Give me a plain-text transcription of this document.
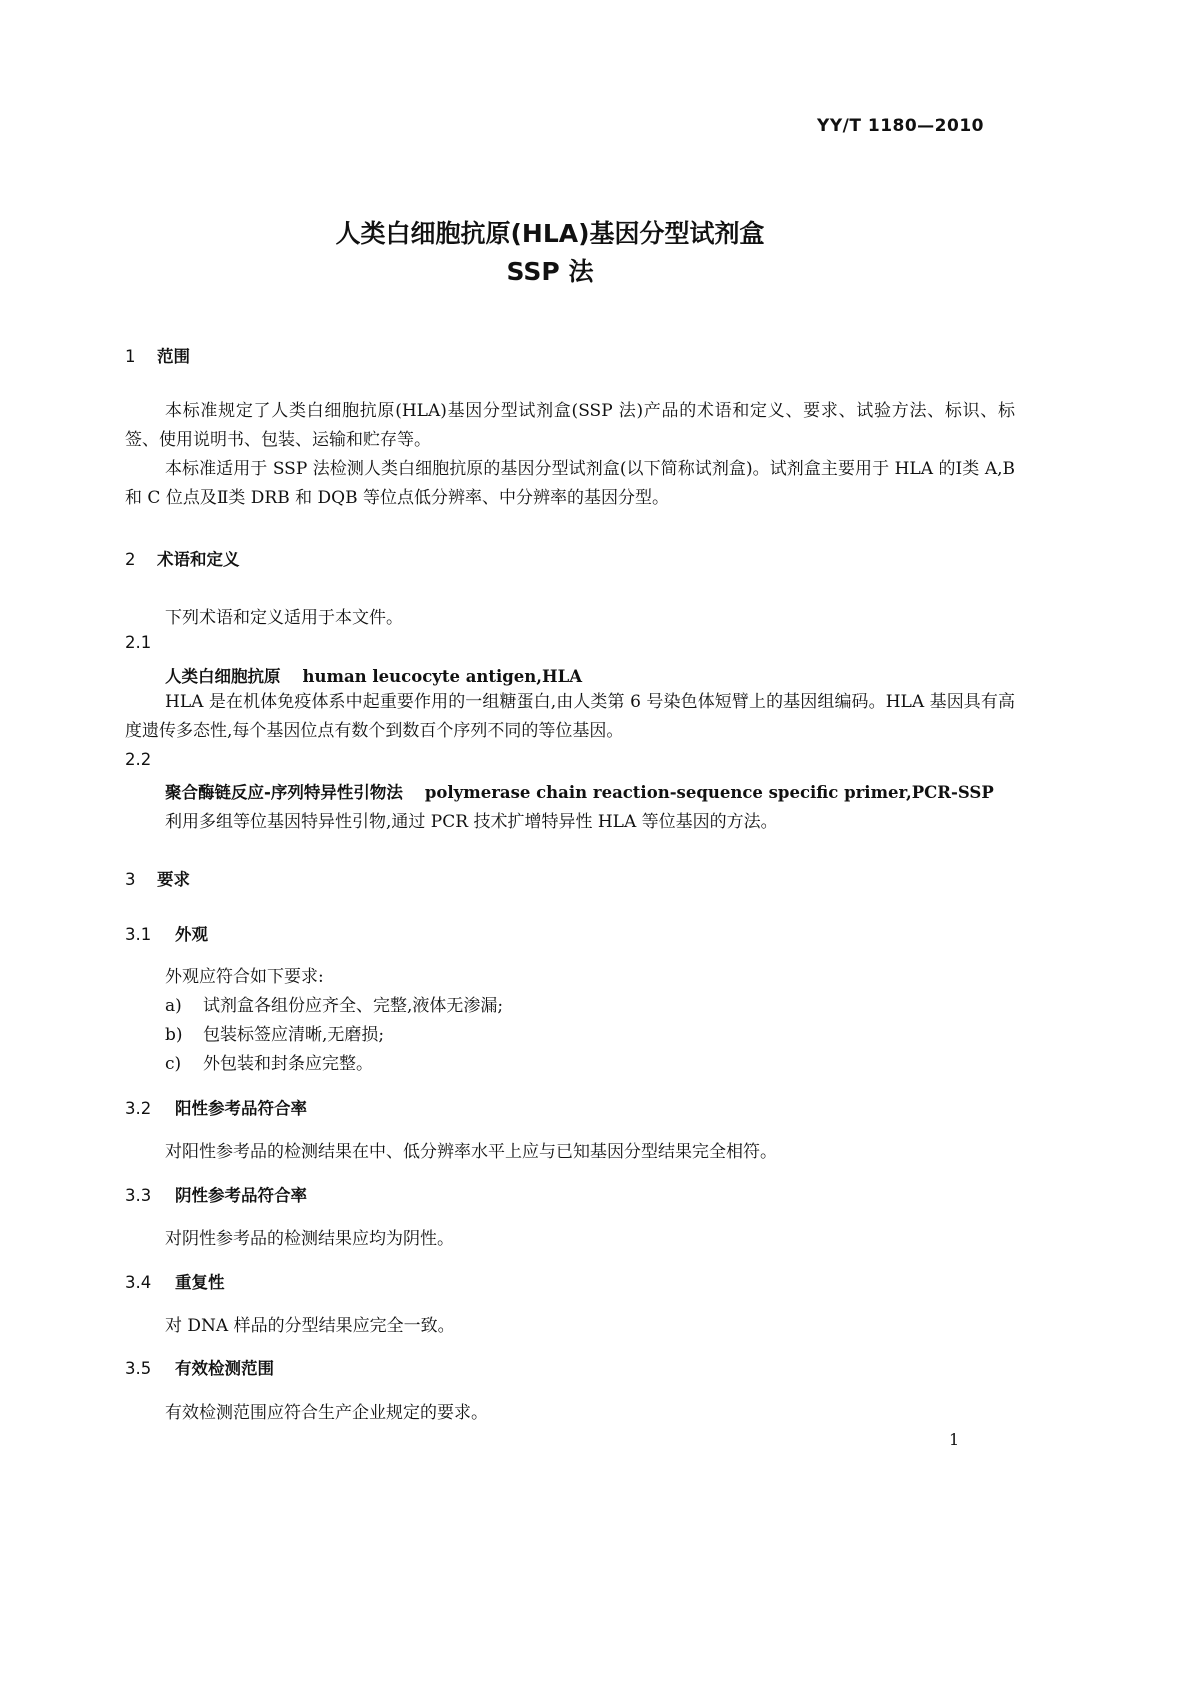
YY/T 1180—2010
人类白细胞抗原(HLA)基因分型试剂盒
SSP 法
1 范围
本标准规定了人类白细胞抗原(HLA)基因分型试剂盒(SSP 法)产品的术语和定义、要求、试验方法、标识、标签、使用说明书、包装、运输和贮存等。
本标准适用于 SSP 法检测人类白细胞抗原的基因分型试剂盒(以下简称试剂盒)。试剂盒主要用于 HLA 的Ⅰ类 A,B 和 C 位点及Ⅱ类 DRB 和 DQB 等位点低分辨率、中分辨率的基因分型。
2 术语和定义
下列术语和定义适用于本文件。
2.1
人类白细胞抗原 human leucocyte antigen,HLA
HLA 是在机体免疫体系中起重要作用的一组糖蛋白,由人类第 6 号染色体短臂上的基因组编码。HLA 基因具有高度遗传多态性,每个基因位点有数个到数百个序列不同的等位基因。
2.2
聚合酶链反应-序列特异性引物法 polymerase chain reaction-sequence specific primer,PCR-SSP
利用多组等位基因特异性引物,通过 PCR 技术扩增特异性 HLA 等位基因的方法。
3 要求
3.1 外观
外观应符合如下要求:
a) 试剂盒各组份应齐全、完整,液体无渗漏;
b) 包装标签应清晰,无磨损;
c) 外包装和封条应完整。
3.2 阳性参考品符合率
对阳性参考品的检测结果在中、低分辨率水平上应与已知基因分型结果完全相符。
3.3 阴性参考品符合率
对阴性参考品的检测结果应均为阴性。
3.4 重复性
对 DNA 样品的分型结果应完全一致。
3.5 有效检测范围
有效检测范围应符合生产企业规定的要求。
1
